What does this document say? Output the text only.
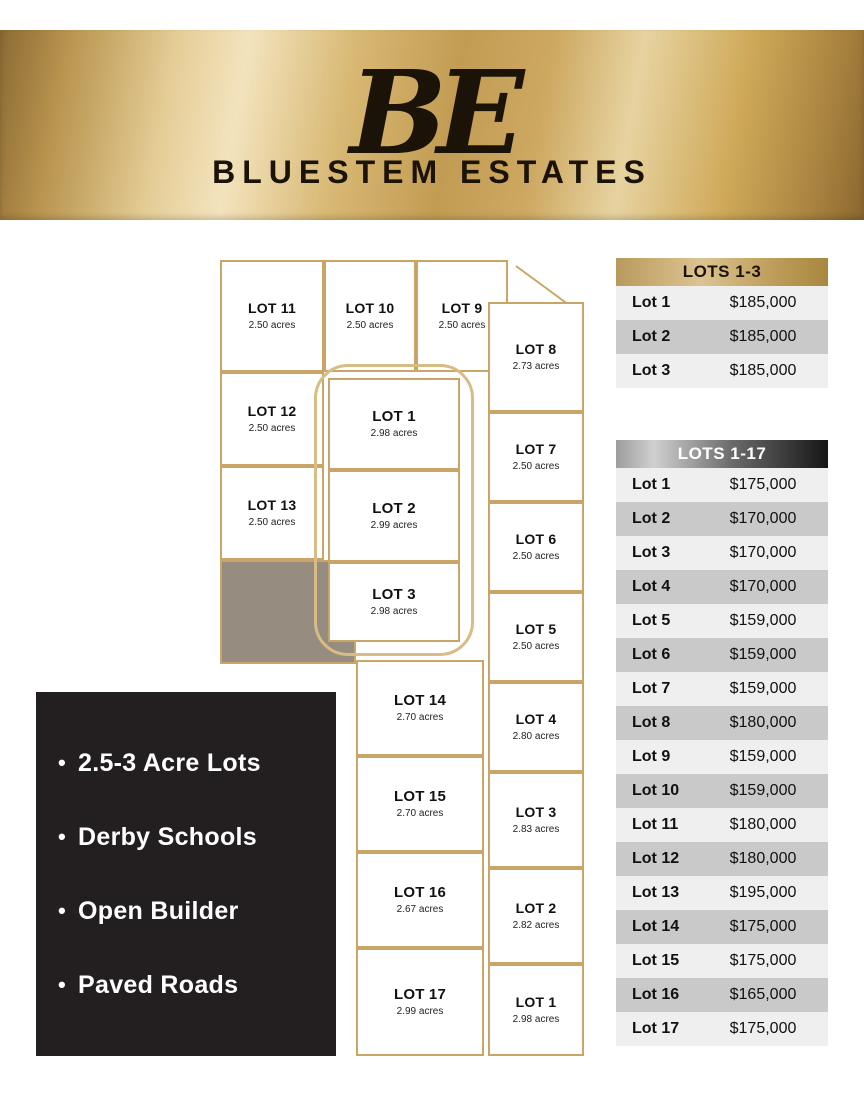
BE
BLUESTEM ESTATES
LOT 11
2.50 acres
LOT 10
2.50 acres
LOT 9
2.50 acres
LOT 8
2.73 acres
LOT 12
2.50 acres
LOT 13
2.50 acres
LOT 7
2.50 acres
LOT 6
2.50 acres
LOT 5
2.50 acres
LOT 4
2.80 acres
LOT 3
2.83 acres
LOT 2
2.82 acres
LOT 1
2.98 acres
LOT 1
2.98 acres
LOT 2
2.99 acres
LOT 3
2.98 acres
LOT 14
2.70 acres
LOT 15
2.70 acres
LOT 16
2.67 acres
LOT 17
2.99 acres
LOTS 1-3
Lot 1	$185,000
Lot 2	$185,000
Lot 3	$185,000
LOTS 1-17
Lot 1	$175,000
Lot 2	$170,000
Lot 3	$170,000
Lot 4	$170,000
Lot 5	$159,000
Lot 6	$159,000
Lot 7	$159,000
Lot 8	$180,000
Lot 9	$159,000
Lot 10	$159,000
Lot 11	$180,000
Lot 12	$180,000
Lot 13	$195,000
Lot 14	$175,000
Lot 15	$175,000
Lot 16	$165,000
Lot 17	$175,000
• 2.5-3 Acre Lots
• Derby Schools
• Open Builder
• Paved Roads
